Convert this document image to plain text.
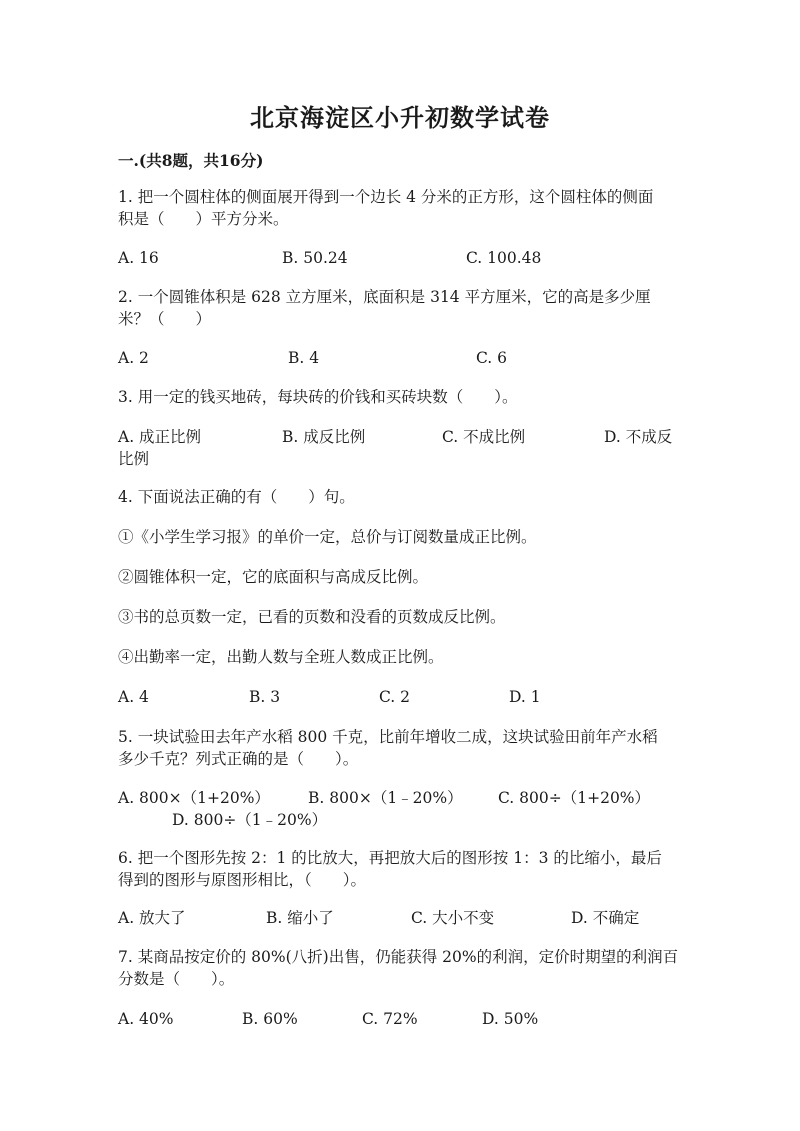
北京海淀区小升初数学试卷
一.(共8题，共16分)
1. 把一个圆柱体的侧面展开得到一个边长 4 分米的正方形，这个圆柱体的侧面
积是（　　）平方分米。
A. 16	B. 50.24	C. 100.48
2. 一个圆锥体积是 628 立方厘米，底面积是 314 平方厘米，它的高是多少厘
米？（　　）
A. 2	B. 4	C. 6
3. 用一定的钱买地砖，每块砖的价钱和买砖块数（　　）。
A. 成正比例	B. 成反比例	C. 不成比例	D. 不成反
比例
4. 下面说法正确的有（　　）句。
①《小学生学习报》的单价一定，总价与订阅数量成正比例。
②圆锥体积一定，它的底面积与高成反比例。
③书的总页数一定，已看的页数和没看的页数成反比例。
④出勤率一定，出勤人数与全班人数成正比例。
A. 4	B. 3	C. 2	D. 1
5. 一块试验田去年产水稻 800 千克，比前年增收二成，这块试验田前年产水稻
多少千克？列式正确的是（　　）。
A. 800×（1+20%） B. 800×（1﹣20%） C. 800÷（1+20%）
D. 800÷（1﹣20%）
6. 把一个图形先按 2：1 的比放大，再把放大后的图形按 1：3 的比缩小，最后
得到的图形与原图形相比，（　　）。
A. 放大了	B. 缩小了	C. 大小不变	D. 不确定
7. 某商品按定价的 80%(八折)出售，仍能获得 20%的利润，定价时期望的利润百
分数是（　　）。
A. 40%	B. 60%	C. 72%	D. 50%
